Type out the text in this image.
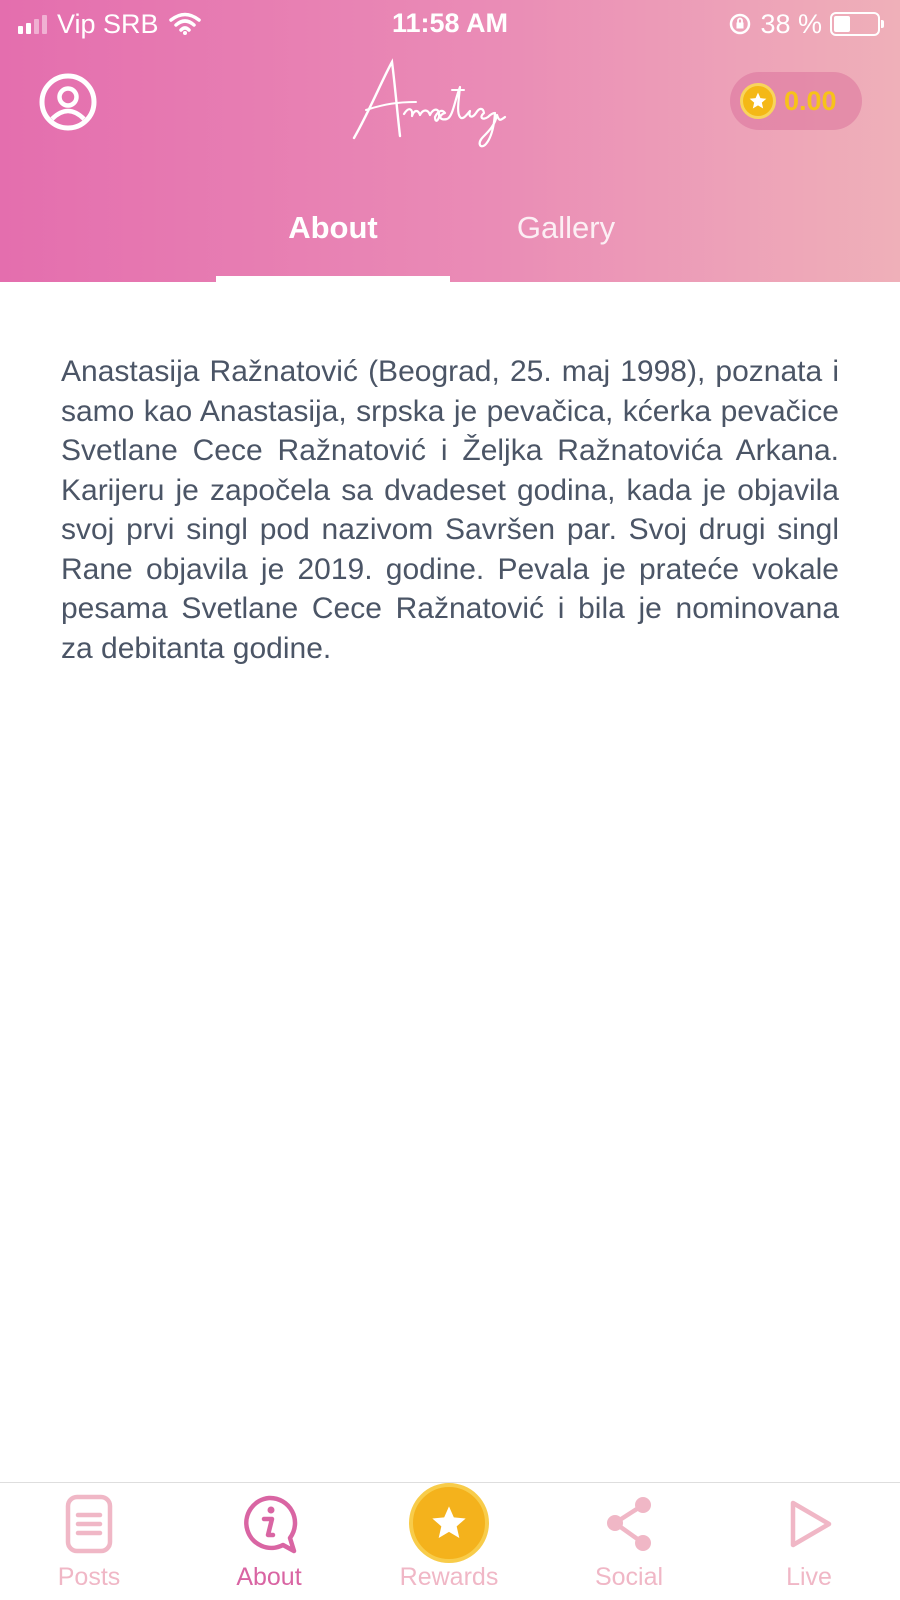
Vip SRB	11:58 AM	38 %
0.00
About	Gallery

Anastasija Ražnatović (Beograd, 25. maj 1998), poznata i samo kao Anastasija, srpska je pevačica, kćerka pevačice Svetlane Cece Ražnatović i Željka Ražnatovića Arkana. Karijeru je započela sa dvadeset godina, kada je objavila svoj prvi singl pod nazivom Savršen par. Svoj drugi singl Rane objavila je 2019. godine. Pevala je prateće vokale pesama Svetlane Cece Ražnatović i bila je nominovana za debitanta godine.

Posts	About	Rewards	Social	Live
